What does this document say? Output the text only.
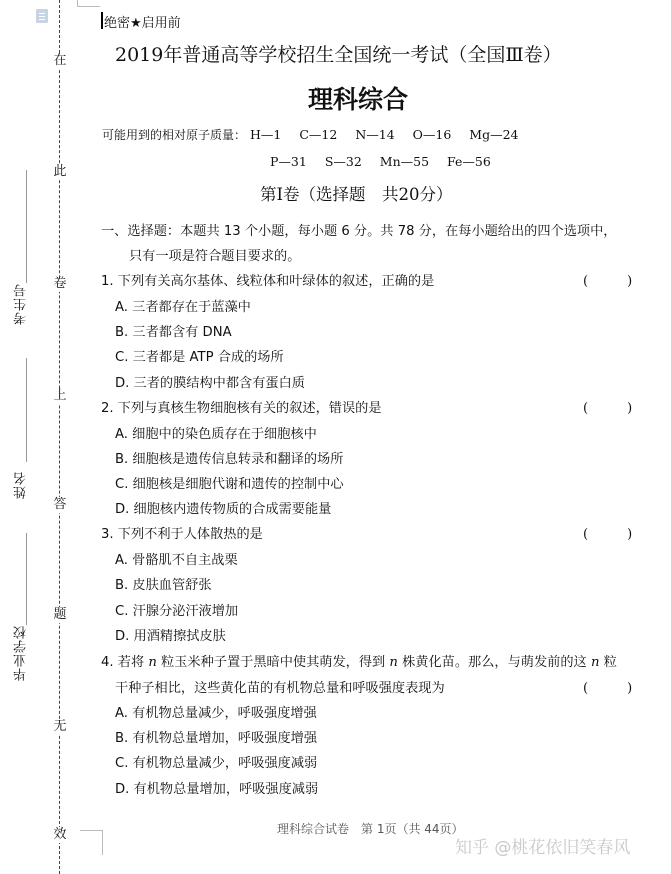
在
此
卷
上
答
题
无
效
考生号
姓名
毕业学校
绝密★启用前
2019年普通高等学校招生全国统一考试（全国Ⅲ卷）
理科综合
可能用到的相对原子质量： H—1 C—12 N—14 O—16 Mg—24
P—31 S—32 Mn—55 Fe—56
第Ⅰ卷（选择题　共20分）
一、选择题：本题共 13 个小题，每小题 6 分。共 78 分，在每小题给出的四个选项中，
只有一项是符合题目要求的。
1. 下列有关高尔基体、线粒体和叶绿体的叙述，正确的是	(　　　)
A. 三者都存在于蓝藻中
B. 三者都含有 DNA
C. 三者都是 ATP 合成的场所
D. 三者的膜结构中都含有蛋白质
2. 下列与真核生物细胞核有关的叙述，错误的是	(　　　)
A. 细胞中的染色质存在于细胞核中
B. 细胞核是遗传信息转录和翻译的场所
C. 细胞核是细胞代谢和遗传的控制中心
D. 细胞核内遗传物质的合成需要能量
3. 下列不利于人体散热的是	(　　　)
A. 骨骼肌不自主战栗
B. 皮肤血管舒张
C. 汗腺分泌汗液增加
D. 用酒精擦拭皮肤
4. 若将 n 粒玉米种子置于黑暗中使其萌发，得到 n 株黄化苗。那么，与萌发前的这 n 粒
干种子相比，这些黄化苗的有机物总量和呼吸强度表现为	(　　　)
A. 有机物总量减少，呼吸强度增强
B. 有机物总量增加，呼吸强度增强
C. 有机物总量减少，呼吸强度减弱
D. 有机物总量增加，呼吸强度减弱
理科综合试卷　第 1页（共 44页）
知乎 @桃花依旧笑春风
